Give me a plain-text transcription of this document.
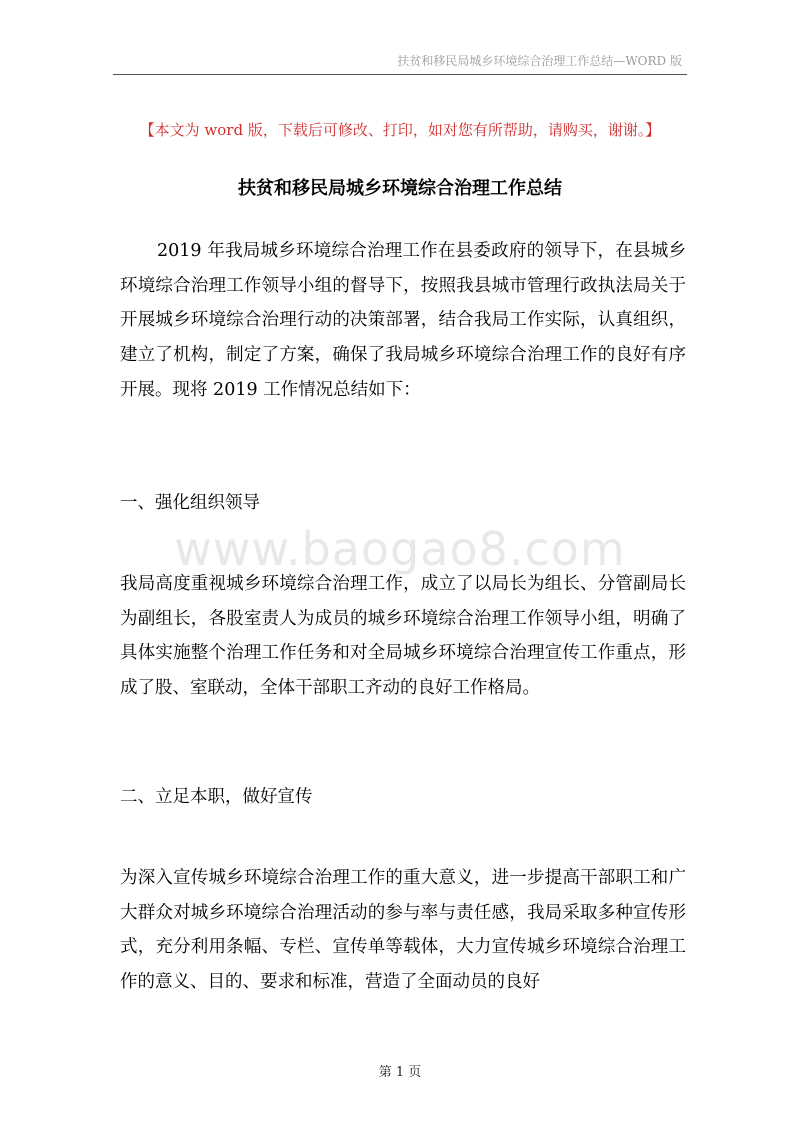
扶贫和移民局城乡环境综合治理工作总结—WORD 版
【本文为 word 版，下载后可修改、打印，如对您有所帮助，请购买，谢谢。】
扶贫和移民局城乡环境综合治理工作总结

2019 年我局城乡环境综合治理工作在县委政府的领导下，在县城乡环境综合治理工作领导小组的督导下，按照我县城市管理行政执法局关于开展城乡环境综合治理行动的决策部署，结合我局工作实际，认真组织，建立了机构，制定了方案，确保了我局城乡环境综合治理工作的良好有序开展。现将 2019 工作情况总结如下：

一、强化组织领导
www.baogao8.com

我局高度重视城乡环境综合治理工作，成立了以局长为组长、分管副局长为副组长，各股室责人为成员的城乡环境综合治理工作领导小组，明确了具体实施整个治理工作任务和对全局城乡环境综合治理宣传工作重点，形成了股、室联动，全体干部职工齐动的良好工作格局。

二、立足本职，做好宣传

为深入宣传城乡环境综合治理工作的重大意义，进一步提高干部职工和广大群众对城乡环境综合治理活动的参与率与责任感，我局采取多种宣传形式，充分利用条幅、专栏、宣传单等载体，大力宣传城乡环境综合治理工作的意义、目的、要求和标准，营造了全面动员的良好

第 1 页
